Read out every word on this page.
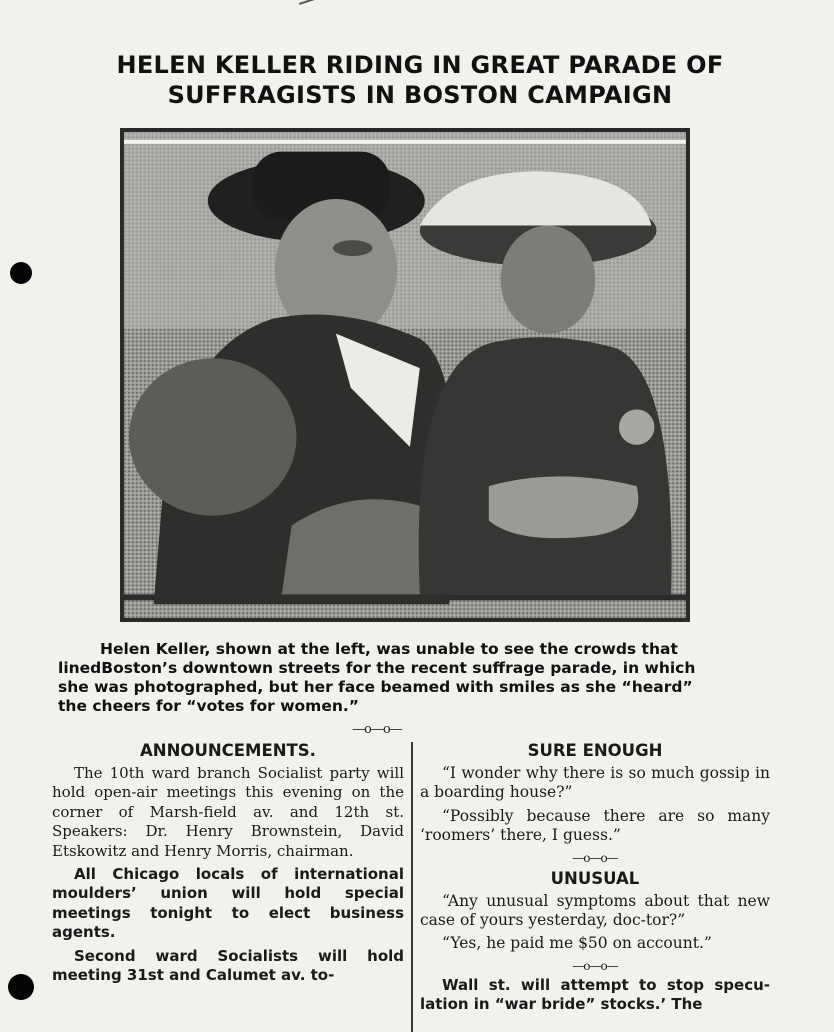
HELEN KELLER RIDING IN GREAT PARADE OF
SUFFRAGISTS IN BOSTON CAMPAIGN
Helen Keller, shown at the left, was unable to see the crowds that
linedBoston’s downtown streets for the recent suffrage parade, in which
she was photographed, but her face beamed with smiles as she “heard”
the cheers for “votes for women.”
—o—o—
ANNOUNCEMENTS.

The 10th ward branch Socialist party will hold open-air meetings this evening on the corner of Marsh-field av. and 12th st. Speakers: Dr. Henry Brownstein, David Etskowitz and Henry Morris, chairman.

All Chicago locals of international moulders’ union will hold special meetings tonight to elect business agents.

Second ward Socialists will hold meeting 31st and Calumet av. to-

SURE ENOUGH

“I wonder why there is so much gossip in a boarding house?”

“Possibly because there are so many ‘roomers’ there, I guess.”

—o—o—
UNUSUAL

“Any unusual symptoms about that new case of yours yesterday, doc-tor?”

“Yes, he paid me $50 on account.”

—o—o—

Wall st. will attempt to stop specu-lation in “war bride” stocks.’ The
